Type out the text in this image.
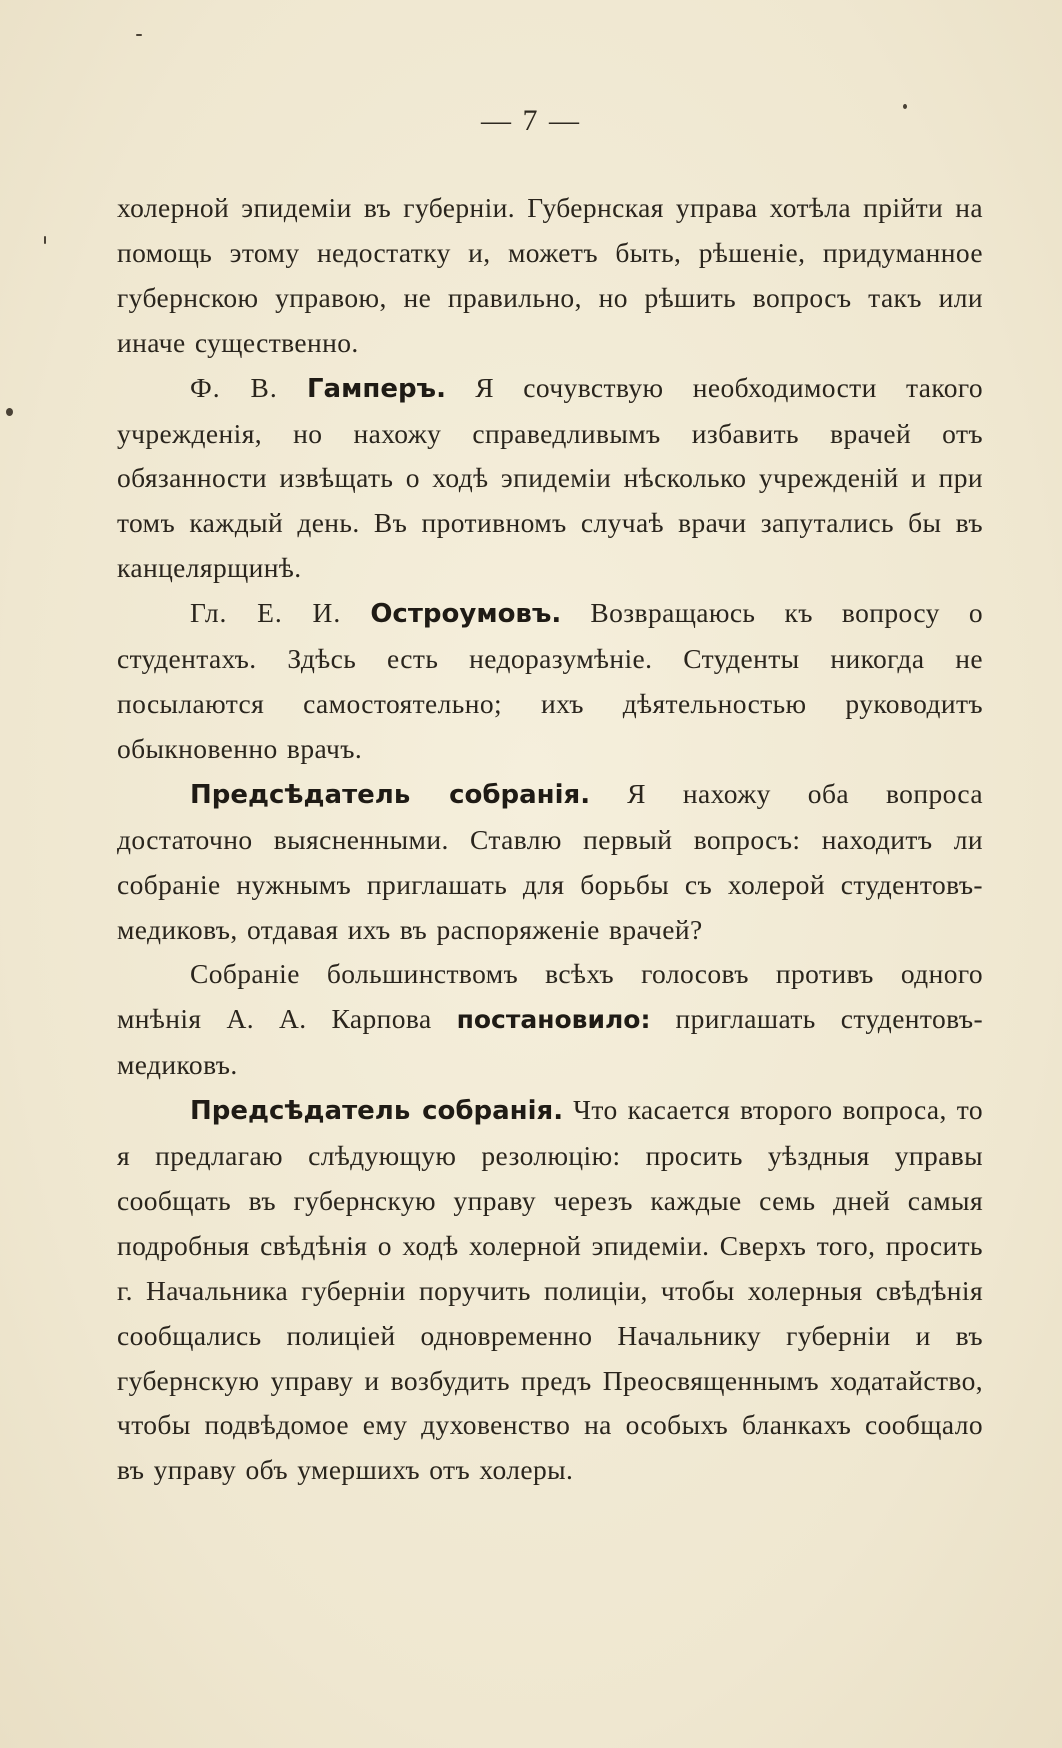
— 7 —

холерной эпидеміи въ губерніи. Губернская управа хотѣла прійти на помощь этому недостатку и, можетъ быть, рѣшеніе, придуманное губернскою управою, не правильно, но рѣшить вопросъ такъ или иначе существенно.

Ф. В. Гамперъ. Я сочувствую необходимости такого учрежденія, но нахожу справедливымъ избавить врачей отъ обязанности извѣщать о ходѣ эпидеміи нѣсколько учрежденій и при томъ каждый день. Въ противномъ случаѣ врачи запутались бы въ канцелярщинѣ.

Гл. Е. И. Остроумовъ. Возвращаюсь къ вопросу о студентахъ. Здѣсь есть недоразумѣніе. Студенты никогда не посылаются самостоятельно; ихъ дѣятельностью руководитъ обыкновенно врачъ.

Предсѣдатель собранія. Я нахожу оба вопроса достаточно выясненными. Ставлю первый вопросъ: находитъ ли собраніе нужнымъ приглашать для борьбы съ холерой студентовъ-медиковъ, отдавая ихъ въ распоряженіе врачей?

Собраніе большинствомъ всѣхъ голосовъ противъ одного мнѣнія А. А. Карпова постановило: приглашать студентовъ-медиковъ.

Предсѣдатель собранія. Что касается второго вопроса, то я предлагаю слѣдующую резолюцію: просить уѣздныя управы сообщать въ губернскую управу черезъ каждые семь дней самыя подробныя свѣдѣнія о ходѣ холерной эпидеміи. Сверхъ того, просить г. Начальника губерніи поручить полиціи, чтобы холерныя свѣдѣнія сообщались полиціей одновременно Начальнику губерніи и въ губернскую управу и возбудить предъ Преосвященнымъ ходатайство, чтобы подвѣдомое ему духовенство на особыхъ бланкахъ сообщало въ управу объ умершихъ отъ холеры.
